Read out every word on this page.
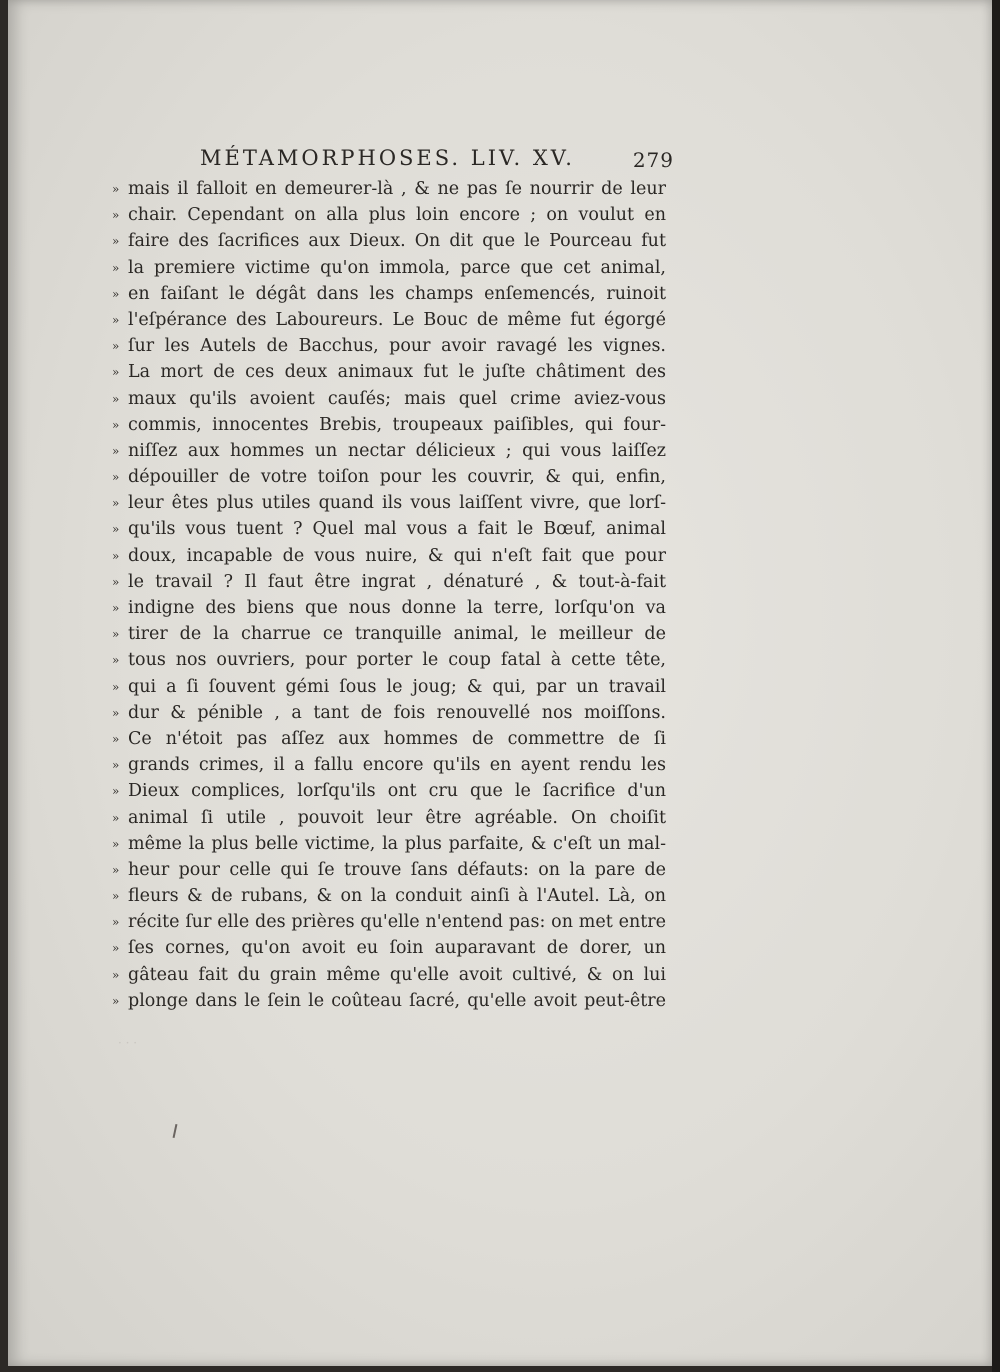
MÉTAMORPHOSES. LIV. XV.	279
» mais il falloit en demeurer-là , & ne pas ſe nourrir de leur
» chair. Cependant on alla plus loin encore ; on voulut en
» faire des ſacrifices aux Dieux. On dit que le Pourceau fut
» la premiere victime qu'on immola, parce que cet animal,
» en faiſant le dégât dans les champs enſemencés, ruinoit
» l'eſpérance des Laboureurs. Le Bouc de même fut égorgé
» ſur les Autels de Bacchus, pour avoir ravagé les vignes.
» La mort de ces deux animaux fut le juſte châtiment des
» maux qu'ils avoient cauſés; mais quel crime aviez-vous
» commis, innocentes Brebis, troupeaux paiſibles, qui four-
» niſſez aux hommes un nectar délicieux ; qui vous laiſſez
» dépouiller de votre toiſon pour les couvrir, & qui, enfin,
» leur êtes plus utiles quand ils vous laiſſent vivre, que lorſ-
» qu'ils vous tuent ? Quel mal vous a fait le Bœuf, animal
» doux, incapable de vous nuire, & qui n'eſt fait que pour
» le travail ? Il faut être ingrat , dénaturé , & tout-à-fait
» indigne des biens que nous donne la terre, lorſqu'on va
» tirer de la charrue ce tranquille animal, le meilleur de
» tous nos ouvriers, pour porter le coup fatal à cette tête,
» qui a ſi ſouvent gémi ſous le joug; & qui, par un travail
» dur & pénible , a tant de fois renouvellé nos moiſſons.
» Ce n'étoit pas aſſez aux hommes de commettre de ſi
» grands crimes, il a fallu encore qu'ils en ayent rendu les
» Dieux complices, lorſqu'ils ont cru que le ſacrifice d'un
» animal ſi utile , pouvoit leur être agréable. On choiſit
» même la plus belle victime, la plus parfaite, & c'eſt un mal-
» heur pour celle qui ſe trouve ſans défauts: on la pare de
» fleurs & de rubans, & on la conduit ainſi à l'Autel. Là, on
» récite ſur elle des prières qu'elle n'entend pas: on met entre
» ſes cornes, qu'on avoit eu ſoin auparavant de dorer, un
» gâteau fait du grain même qu'elle avoit cultivé, & on lui
» plonge dans le ſein le coûteau ſacré, qu'elle avoit peut-être
· · ·
